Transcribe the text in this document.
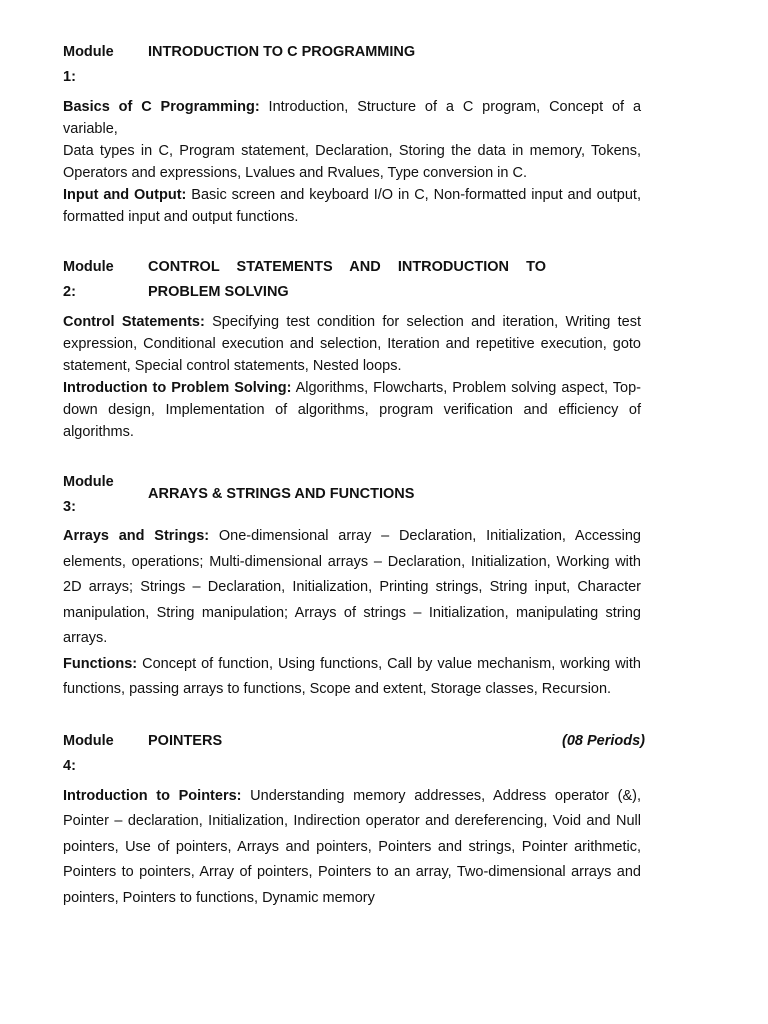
Module
1:
INTRODUCTION TO C PROGRAMMING

Basics of C Programming: Introduction, Structure of a C program, Concept of a variable,

Data types in C, Program statement, Declaration, Storing the data in memory, Tokens, Operators and expressions, Lvalues and Rvalues, Type conversion in C.

Input and Output: Basic screen and keyboard I/O in C, Non-formatted input and output, formatted input and output functions.

Module
2:
CONTROL STATEMENTS AND INTRODUCTION TO
PROBLEM SOLVING

Control Statements: Specifying test condition for selection and iteration, Writing test expression, Conditional execution and selection, Iteration and repetitive execution, goto statement, Special control statements, Nested loops.

Introduction to Problem Solving: Algorithms, Flowcharts, Problem solving aspect, Top-down design, Implementation of algorithms, program verification and efficiency of algorithms.

Module
3:
ARRAYS & STRINGS AND FUNCTIONS

Arrays and Strings: One-dimensional array – Declaration, Initialization, Accessing elements, operations; Multi-dimensional arrays – Declaration, Initialization, Working with 2D arrays; Strings – Declaration, Initialization, Printing strings, String input, Character manipulation, String manipulation; Arrays of strings – Initialization, manipulating string arrays.

Functions: Concept of function, Using functions, Call by value mechanism, working with functions, passing arrays to functions, Scope and extent, Storage classes, Recursion.

Module
4:
POINTERS	(08 Periods)

Introduction to Pointers: Understanding memory addresses, Address operator (&), Pointer – declaration, Initialization, Indirection operator and dereferencing, Void and Null pointers, Use of pointers, Arrays and pointers, Pointers and strings, Pointer arithmetic, Pointers to pointers, Array of pointers, Pointers to an array, Two-dimensional arrays and pointers, Pointers to functions, Dynamic memory
